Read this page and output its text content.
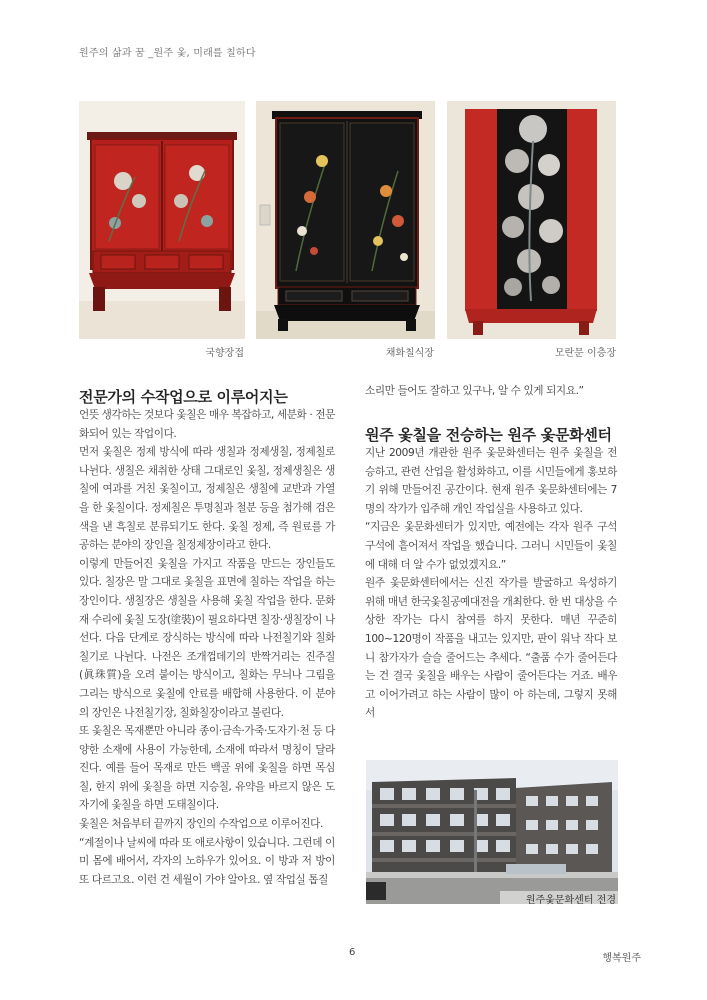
원주의 삶과 꿈 _원주 옻, 미래를 칠하다
국향장접	채화칠식장	모란문 이층장
전문가의 수작업으로 이루어지는

언뜻 생각하는 것보다 옻칠은 매우 복잡하고, 세분화 · 전문화되어 있는 작업이다.

먼저 옻칠은 정제 방식에 따라 생칠과 정제생칠, 정제칠로 나뉜다. 생칠은 채취한 상태 그대로인 옻칠, 정제생칠은 생칠에 여과를 거친 옻칠이고, 정제칠은 생칠에 교반과 가열을 한 옻칠이다. 정제칠은 투명칠과 철분 등을 첨가해 검은색을 낸 흑칠로 분류되기도 한다. 옻칠 정제, 즉 원료를 가공하는 분야의 장인을 칠정제장이라고 한다.

이렇게 만들어진 옻칠을 가지고 작품을 만드는 장인들도 있다. 칠장은 말 그대로 옻칠을 표면에 칠하는 작업을 하는 장인이다. 생칠장은 생칠을 사용해 옻칠 작업을 한다. 문화재 수리에 옻칠 도장(塗裝)이 필요하다면 칠장·생칠장이 나선다. 다음 단계로 장식하는 방식에 따라 나전칠기와 칠화칠기로 나뉜다. 나전은 조개껍데기의 반짝거리는 진주질(眞珠質)을 오려 붙이는 방식이고, 칠화는 무늬나 그림을 그리는 방식으로 옻칠에 안료를 배합해 사용한다. 이 분야의 장인은 나전칠기장, 칠화칠장이라고 불린다.

또 옻칠은 목재뿐만 아니라 종이·금속·가죽·도자기·천 등 다양한 소재에 사용이 가능한데, 소재에 따라서 명칭이 달라진다. 예를 들어 목재로 만든 백골 위에 옻칠을 하면 목심칠, 한지 위에 옻칠을 하면 지승칠, 유약을 바르지 않은 도자기에 옻칠을 하면 도태칠이다.

옻칠은 처음부터 끝까지 장인의 수작업으로 이루어진다.

“계절이나 날씨에 따라 또 애로사항이 있습니다. 그런데 이미 몸에 배어서, 각자의 노하우가 있어요. 이 방과 저 방이 또 다르고요. 이런 건 세월이 가야 알아요. 옆 작업실 톱질

소리만 들어도 잘하고 있구나, 알 수 있게 되지요.”

원주 옻칠을 전승하는 원주 옻문화센터

지난 2009년 개관한 원주 옻문화센터는 원주 옻칠을 전승하고, 관련 산업을 활성화하고, 이를 시민들에게 홍보하기 위해 만들어진 공간이다. 현재 원주 옻문화센터에는 7명의 작가가 입주해 개인 작업실을 사용하고 있다.

“지금은 옻문화센터가 있지만, 예전에는 각자 원주 구석구석에 흩어져서 작업을 했습니다. 그러니 시민들이 옻칠에 대해 더 알 수가 없었겠지요.”

원주 옻문화센터에서는 신진 작가를 발굴하고 육성하기 위해 매년 한국옻칠공예대전을 개최한다. 한 번 대상을 수상한 작가는 다시 참여를 하지 못한다. 매년 꾸준히 100~120명이 작품을 내고는 있지만, 판이 워낙 작다 보니 참가자가 슬슬 줄어드는 추세다. “출품 수가 줄어든다는 건 결국 옻칠을 배우는 사람이 줄어든다는 거죠. 배우고 이어가려고 하는 사람이 많이 아 하는데, 그렇지 못해서

원주옻문화센터 전경
6
행복원주
